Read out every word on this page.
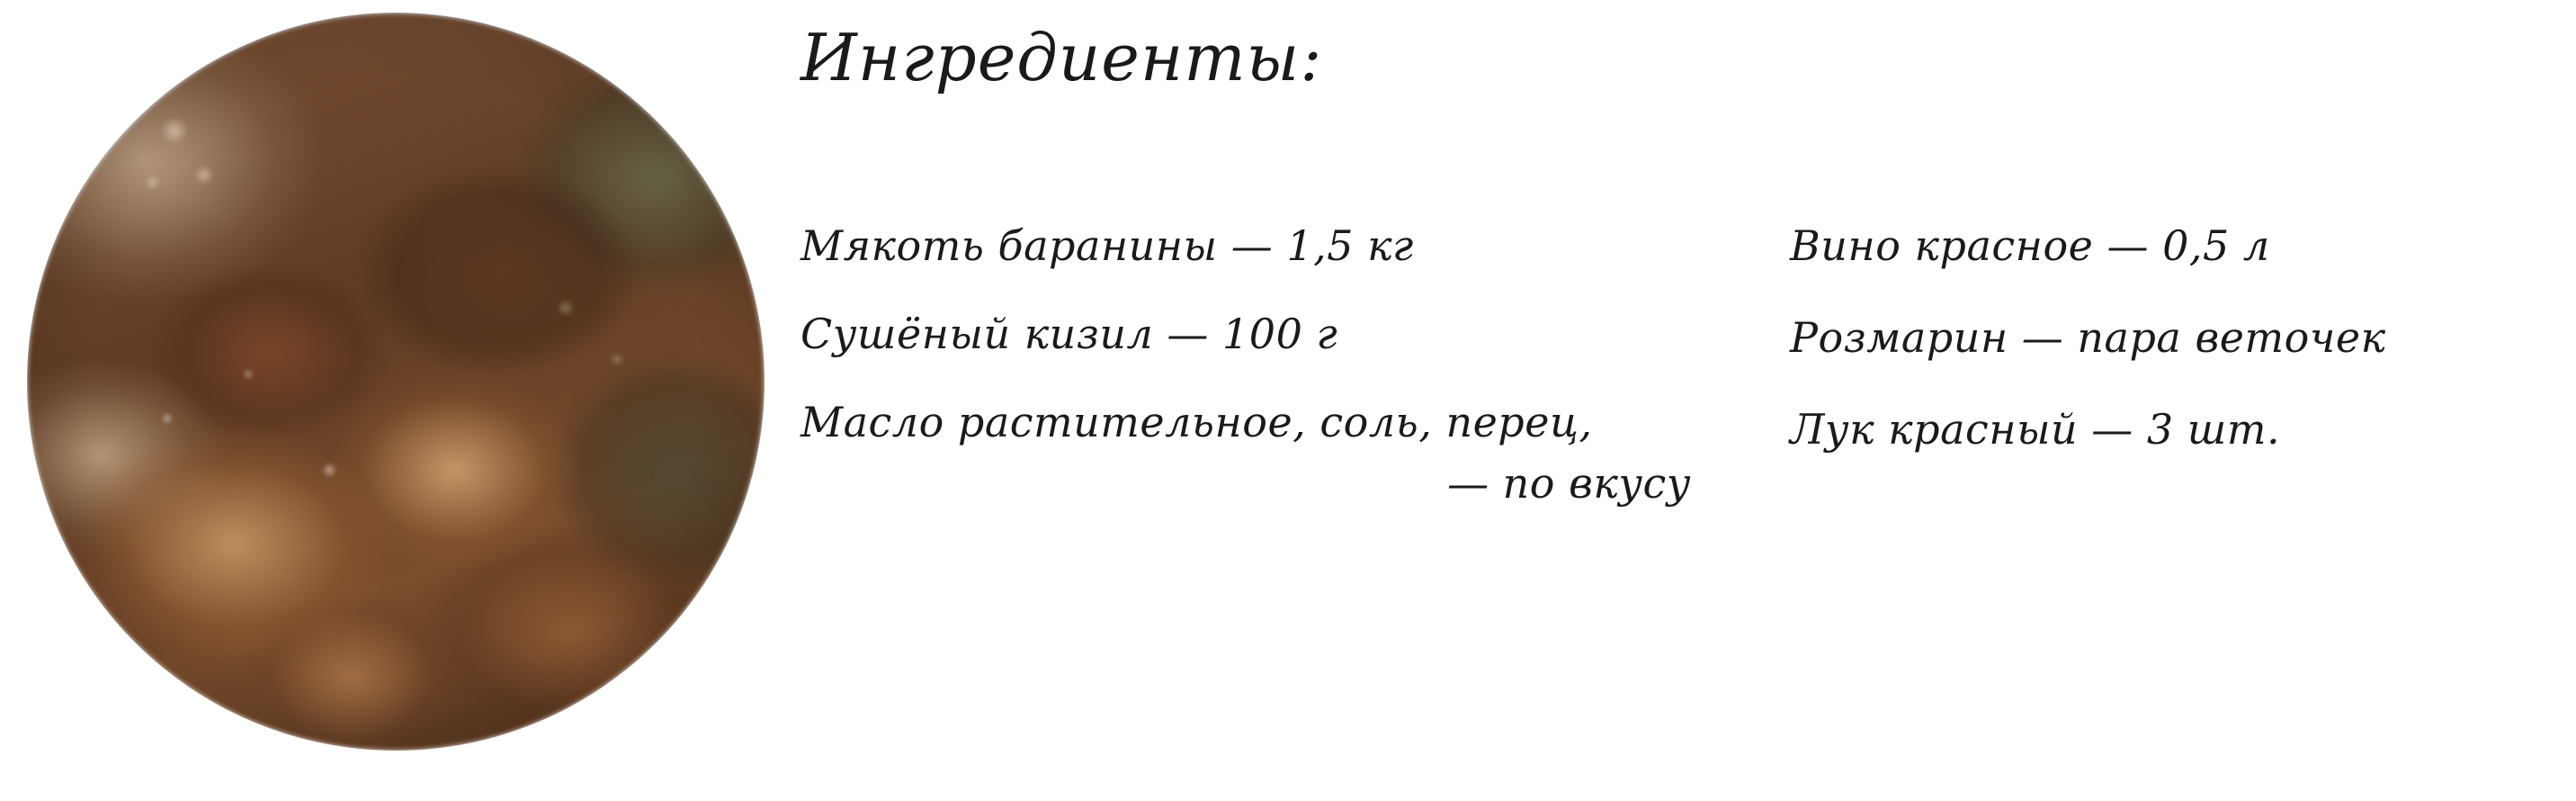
Ингредиенты:
Мякоть баранины — 1,5 кг
Сушёный кизил — 100 г
Масло растительное, соль, перец,
— по вкусу
Вино красное — 0,5 л
Розмарин — пара веточек
Лук красный — 3 шт.
